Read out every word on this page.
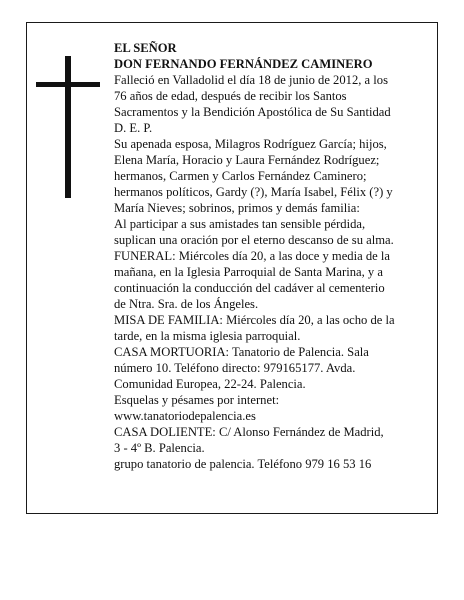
EL SEÑOR
DON FERNANDO FERNÁNDEZ CAMINERO

Falleció en Valladolid el día 18 de junio de 2012, a los
76 años de edad, después de recibir los Santos
Sacramentos y la Bendición Apostólica de Su Santidad
D. E. P.

Su apenada esposa, Milagros Rodríguez García; hijos,
Elena María, Horacio y Laura Fernández Rodríguez;
hermanos, Carmen y Carlos Fernández Caminero;
hermanos políticos, Gardy (?), María Isabel, Félix (?) y
María Nieves; sobrinos, primos y demás familia:

Al participar a sus amistades tan sensible pérdida,
suplican una oración por el eterno descanso de su alma.

FUNERAL: Miércoles día 20, a las doce y media de la
mañana, en la Iglesia Parroquial de Santa Marina, y a
continuación la conducción del cadáver al cementerio
de Ntra. Sra. de los Ángeles.

MISA DE FAMILIA: Miércoles día 20, a las ocho de la
tarde, en la misma iglesia parroquial.

CASA MORTUORIA: Tanatorio de Palencia. Sala
número 10. Teléfono directo: 979165177. Avda.
Comunidad Europea, 22-24. Palencia.

Esquelas y pésames por internet:
www.tanatoriodepalencia.es

CASA DOLIENTE: C/ Alonso Fernández de Madrid,
3 - 4º B. Palencia.

grupo tanatorio de palencia. Teléfono 979 16 53 16
